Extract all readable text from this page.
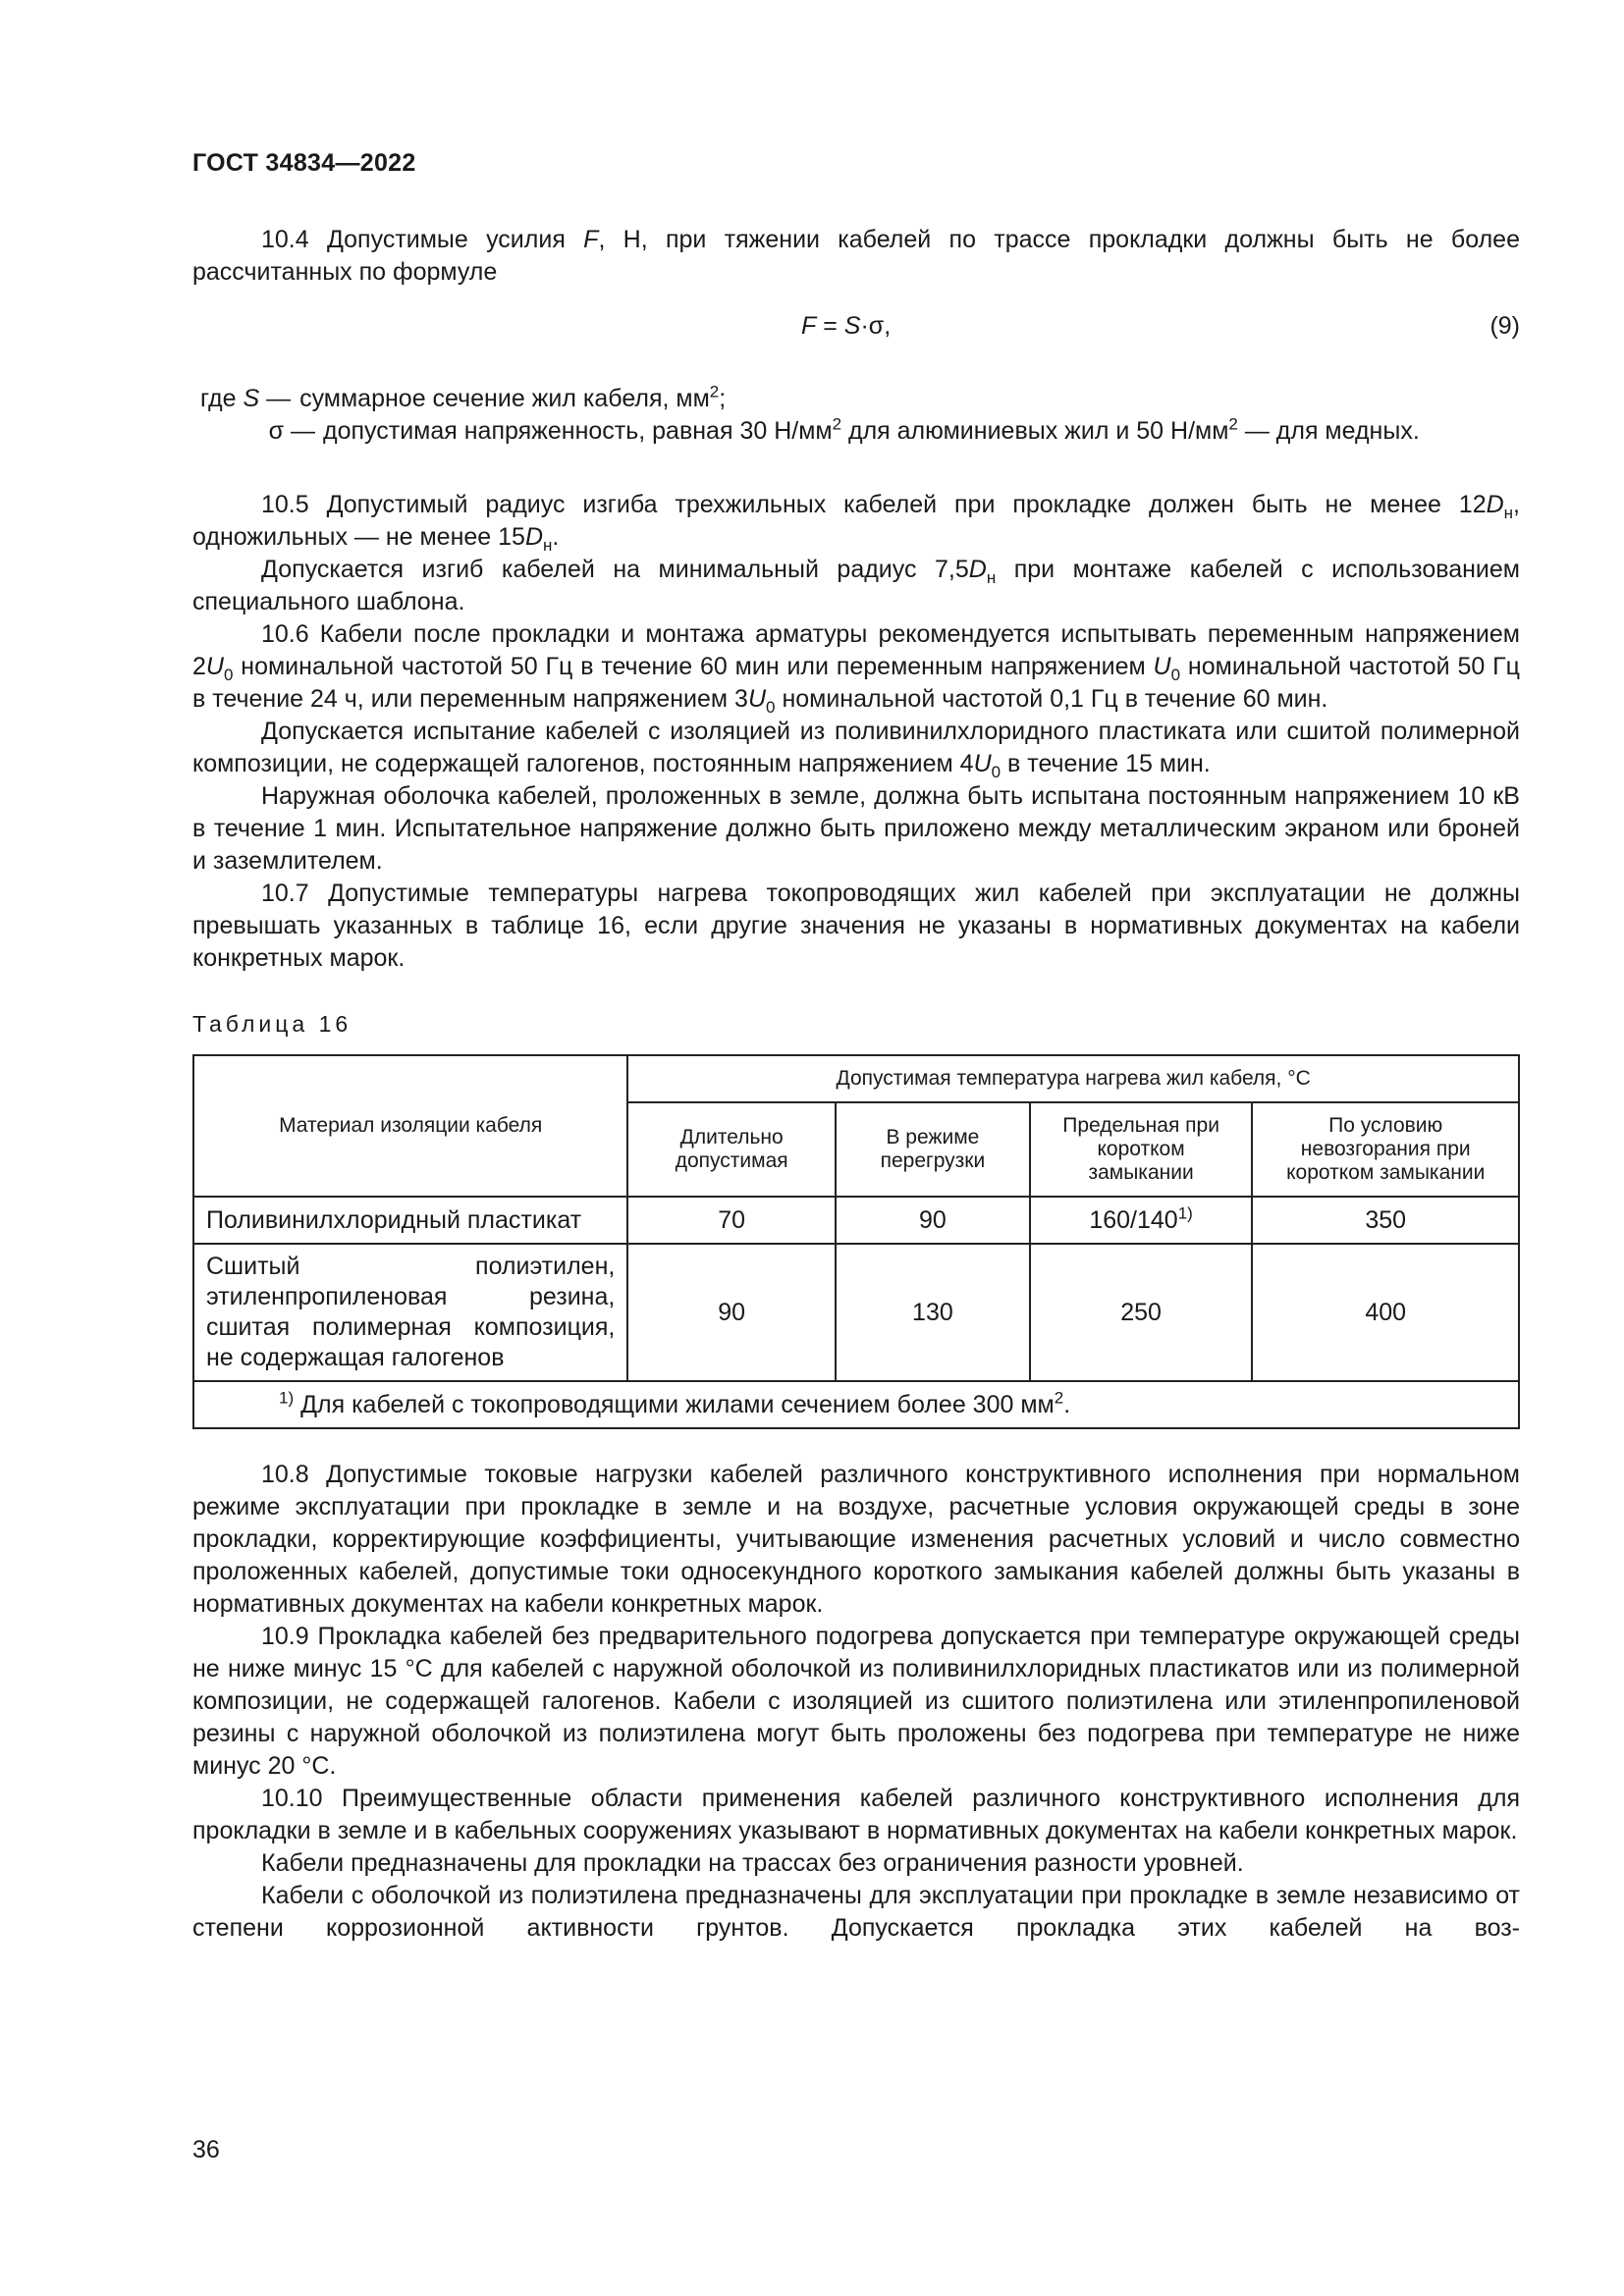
ГОСТ 34834—2022

10.4 Допустимые усилия F, Н, при тяжении кабелей по трассе прокладки должны быть не более рассчитанных по формуле

F = S·σ,	(9)
где S — суммарное сечение жил кабеля, $мм^2$;
σ — допустимая напряженность, равная 30 $Н/мм^2$ для алюминиевых жил и 50 $Н/мм^2$ — для медных.

10.5 Допустимый радиус изгиба трехжильных кабелей при прокладке должен быть не менее $12D_н$, одножильных — не менее $15D_н$.

Допускается изгиб кабелей на минимальный радиус $7,5D_н$ при монтаже кабелей с использованием специального шаблона.

10.6 Кабели после прокладки и монтажа арматуры рекомендуется испытывать переменным напряжением $2U_0$ номинальной частотой 50 Гц в течение 60 мин или переменным напряжением $U_0$ номинальной частотой 50 Гц в течение 24 ч, или переменным напряжением $3U_0$ номинальной частотой 0,1 Гц в течение 60 мин.

Допускается испытание кабелей с изоляцией из поливинилхлоридного пластиката или сшитой полимерной композиции, не содержащей галогенов, постоянным напряжением $4U_0$ в течение 15 мин.

Наружная оболочка кабелей, проложенных в земле, должна быть испытана постоянным напряжением 10 кВ в течение 1 мин. Испытательное напряжение должно быть приложено между металлическим экраном или броней и заземлителем.

10.7 Допустимые температуры нагрева токопроводящих жил кабелей при эксплуатации не должны превышать указанных в таблице 16, если другие значения не указаны в нормативных документах на кабели конкретных марок.

Таблица 16
Материал изоляции кабеля	Допустимая температура нагрева жил кабеля, °С			
	Длительно допустимая	В режиме перегрузки	Предельная при коротком замыкании	По условию невозгорания при коротком замыкании
Поливинилхлоридный пластикат	70	90	160/140$^{1)}$	350
Сшитый полиэтилен, этиленпропиленовая резина, сшитая полимерная композиция, не содержащая галогенов	90	130	250	400
$^{1)}$ Для кабелей с токопроводящими жилами сечением более 300 $мм^2$.				

10.8 Допустимые токовые нагрузки кабелей различного конструктивного исполнения при нормальном режиме эксплуатации при прокладке в земле и на воздухе, расчетные условия окружающей среды в зоне прокладки, корректирующие коэффициенты, учитывающие изменения расчетных условий и число совместно проложенных кабелей, допустимые токи односекундного короткого замыкания кабелей должны быть указаны в нормативных документах на кабели конкретных марок.

10.9 Прокладка кабелей без предварительного подогрева допускается при температуре окружающей среды не ниже минус 15 °С для кабелей с наружной оболочкой из поливинилхлоридных пластикатов или из полимерной композиции, не содержащей галогенов. Кабели с изоляцией из сшитого полиэтилена или этиленпропиленовой резины с наружной оболочкой из полиэтилена могут быть проложены без подогрева при температуре не ниже минус 20 °С.

10.10 Преимущественные области применения кабелей различного конструктивного исполнения для прокладки в земле и в кабельных сооружениях указывают в нормативных документах на кабели конкретных марок.

Кабели предназначены для прокладки на трассах без ограничения разности уровней.

Кабели с оболочкой из полиэтилена предназначены для эксплуатации при прокладке в земле независимо от степени коррозионной активности грунтов. Допускается прокладка этих кабелей на воз-

36
